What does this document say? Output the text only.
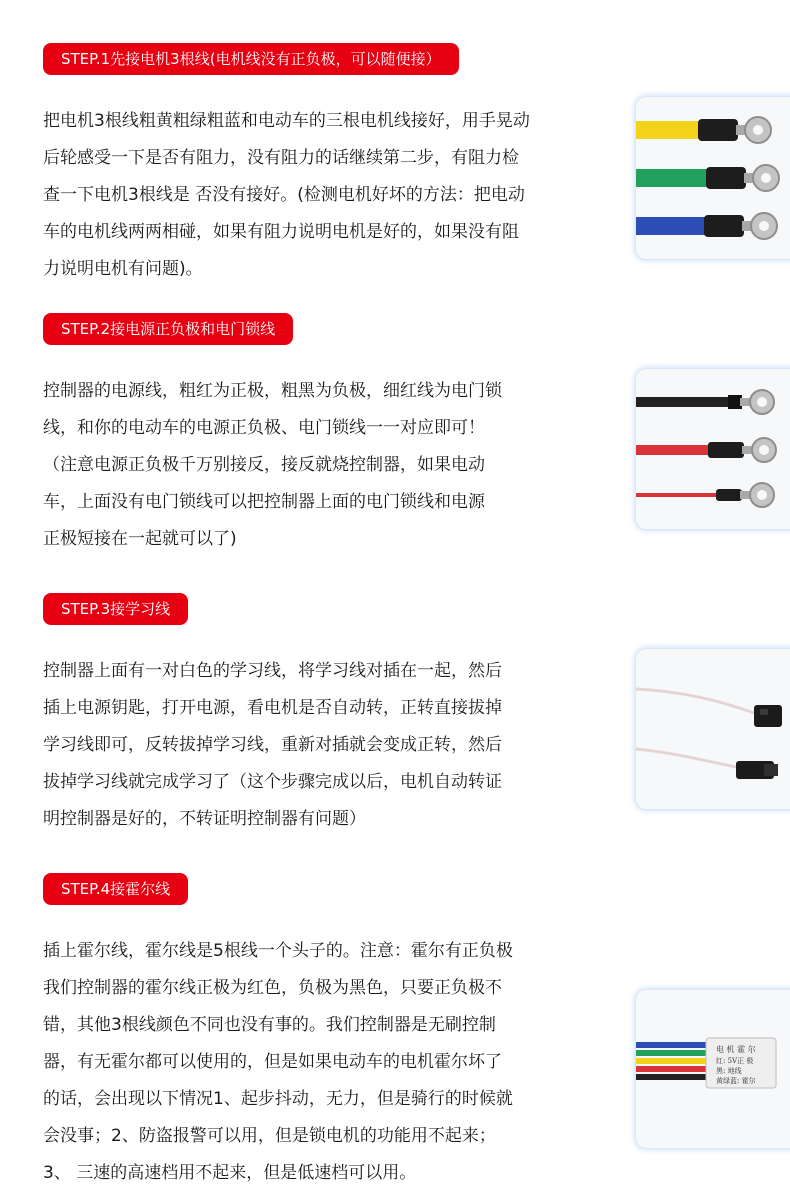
STEP.1先接电机3根线(电机线没有正负极，可以随便接）

把电机3根线粗黄粗绿粗蓝和电动车的三根电机线接好，用手晃动
后轮感受一下是否有阻力，没有阻力的话继续第二步，有阻力检
查一下电机3根线是 否没有接好。(检测电机好坏的方法：把电动
车的电机线两两相碰，如果有阻力说明电机是好的，如果没有阻
力说明电机有问题)。

STEP.2接电源正负极和电门锁线

控制器的电源线，粗红为正极，粗黑为负极，细红线为电门锁
线，和你的电动车的电源正负极、电门锁线一一对应即可！
（注意电源正负极千万别接反，接反就烧控制器，如果电动
车，上面没有电门锁线可以把控制器上面的电门锁线和电源
正极短接在一起就可以了)

STEP.3接学习线

控制器上面有一对白色的学习线，将学习线对插在一起，然后
插上电源钥匙，打开电源，看电机是否自动转，正转直接拔掉
学习线即可，反转拔掉学习线，重新对插就会变成正转，然后
拔掉学习线就完成学习了（这个步骤完成以后，电机自动转证
明控制器是好的，不转证明控制器有问题）

STEP.4接霍尔线

插上霍尔线，霍尔线是5根线一个头子的。注意：霍尔有正负极
我们控制器的霍尔线正极为红色，负极为黑色，只要正负极不
错，其他3根线颜色不同也没有事的。我们控制器是无刷控制
器，有无霍尔都可以使用的，但是如果电动车的电机霍尔坏了
的话，会出现以下情况1、起步抖动，无力，但是骑行的时候就
会没事；2、防盗报警可以用，但是锁电机的功能用不起来；
3、 三速的高速档用不起来，但是低速档可以用。

电 机 霍 尔
红: 5V正 极
黑: 地线
黄绿蓝: 霍尔
